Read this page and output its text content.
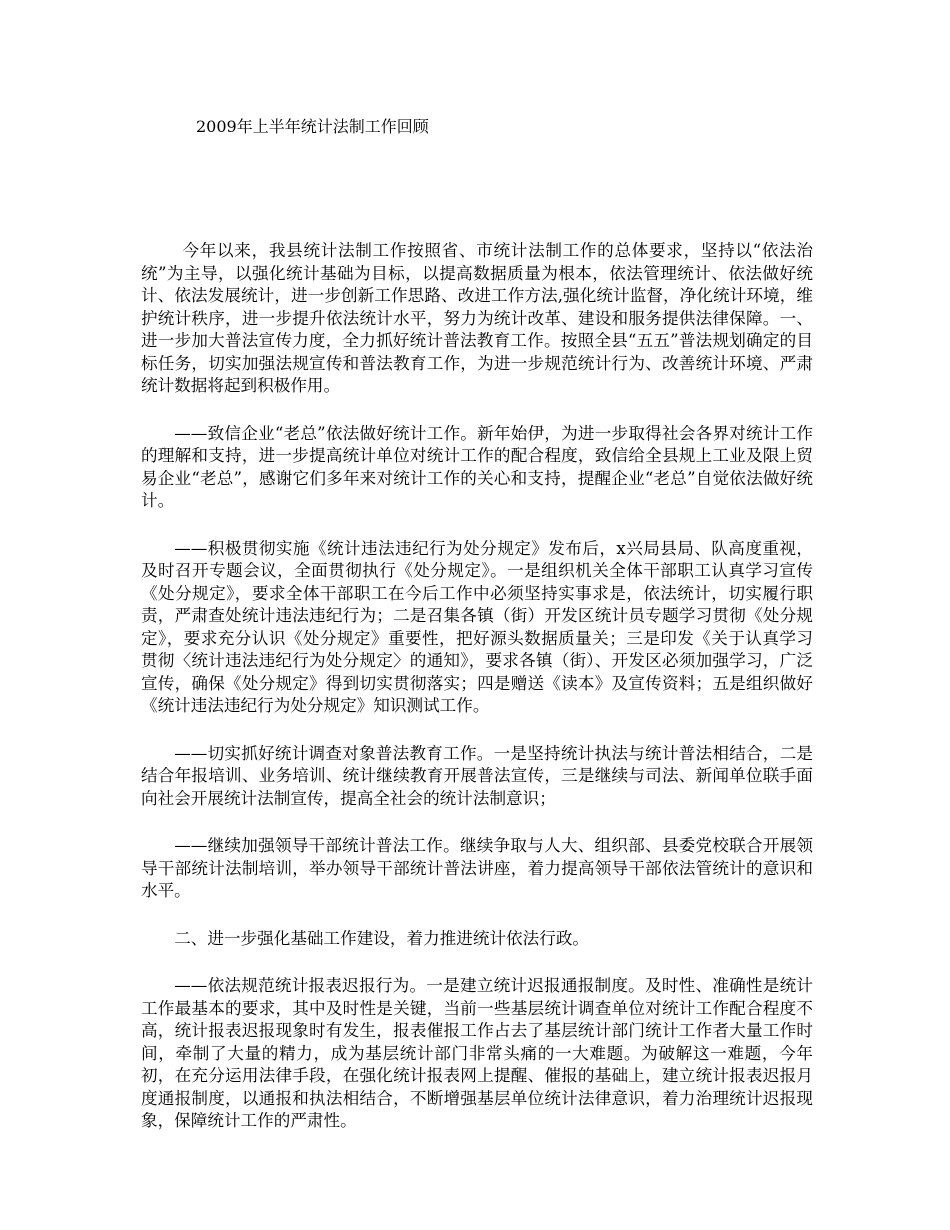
2009年上半年统计法制工作回顾

今年以来，我县统计法制工作按照省、市统计法制工作的总体要求，坚持以“依法治统”为主导，以强化统计基础为目标，以提高数据质量为根本，依法管理统计、依法做好统计、依法发展统计，进一步创新工作思路、改进工作方法,强化统计监督，净化统计环境，维护统计秩序，进一步提升依法统计水平，努力为统计改革、建设和服务提供法律保障。一、进一步加大普法宣传力度，全力抓好统计普法教育工作。按照全县“五五”普法规划确定的目标任务，切实加强法规宣传和普法教育工作，为进一步规范统计行为、改善统计环境、严肃统计数据将起到积极作用。

——致信企业“老总”依法做好统计工作。新年始伊，为进一步取得社会各界对统计工作的理解和支持，进一步提高统计单位对统计工作的配合程度，致信给全县规上工业及限上贸易企业“老总”，感谢它们多年来对统计工作的关心和支持，提醒企业“老总”自觉依法做好统计。

——积极贯彻实施《统计违法违纪行为处分规定》发布后，x兴局县局、队高度重视，及时召开专题会议，全面贯彻执行《处分规定》。一是组织机关全体干部职工认真学习宣传《处分规定》，要求全体干部职工在今后工作中必须坚持实事求是，依法统计，切实履行职责，严肃查处统计违法违纪行为；二是召集各镇（街）开发区统计员专题学习贯彻《处分规定》，要求充分认识《处分规定》重要性，把好源头数据质量关；三是印发《关于认真学习贯彻〈统计违法违纪行为处分规定〉的通知》，要求各镇（街）、开发区必须加强学习，广泛宣传，确保《处分规定》得到切实贯彻落实；四是赠送《读本》及宣传资料；五是组织做好《统计违法违纪行为处分规定》知识测试工作。

——切实抓好统计调查对象普法教育工作。一是坚持统计执法与统计普法相结合，二是结合年报培训、业务培训、统计继续教育开展普法宣传，三是继续与司法、新闻单位联手面向社会开展统计法制宣传，提高全社会的统计法制意识；

——继续加强领导干部统计普法工作。继续争取与人大、组织部、县委党校联合开展领导干部统计法制培训，举办领导干部统计普法讲座，着力提高领导干部依法管统计的意识和水平。

二、进一步强化基础工作建设，着力推进统计依法行政。

——依法规范统计报表迟报行为。一是建立统计迟报通报制度。及时性、准确性是统计工作最基本的要求，其中及时性是关键，当前一些基层统计调查单位对统计工作配合程度不高，统计报表迟报现象时有发生，报表催报工作占去了基层统计部门统计工作者大量工作时间，牵制了大量的精力，成为基层统计部门非常头痛的一大难题。为破解这一难题，今年初，在充分运用法律手段，在强化统计报表网上提醒、催报的基础上，建立统计报表迟报月度通报制度，以通报和执法相结合，不断增强基层单位统计法律意识，着力治理统计迟报现象，保障统计工作的严肃性。
